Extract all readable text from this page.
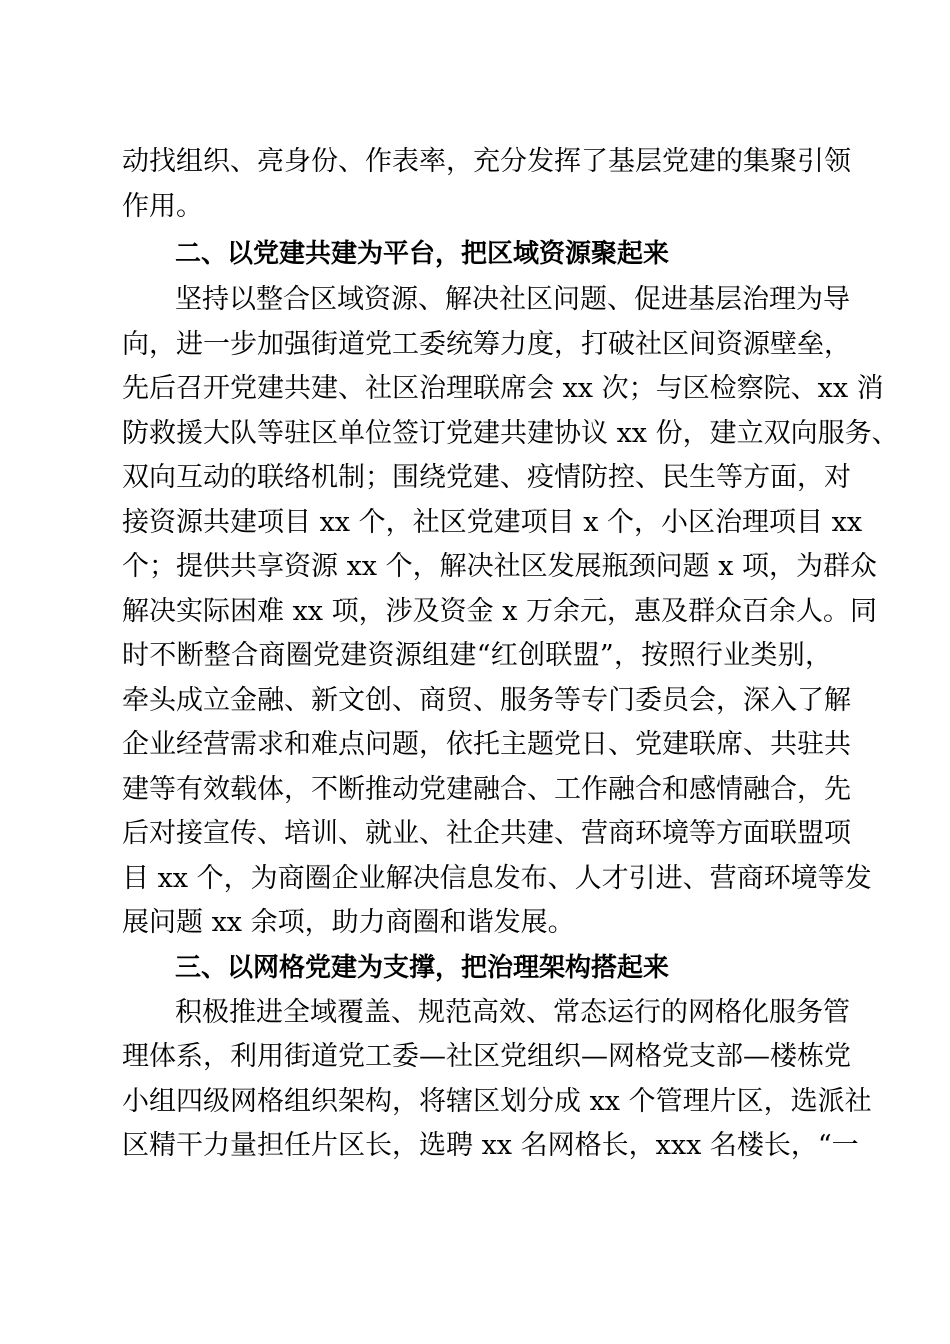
动找组织、亮身份、作表率，充分发挥了基层党建的集聚引领
作用。
二、以党建共建为平台，把区域资源聚起来
坚持以整合区域资源、解决社区问题、促进基层治理为导
向，进一步加强街道党工委统筹力度，打破社区间资源壁垒，
先后召开党建共建、社区治理联席会 xx 次；与区检察院、xx 消
防救援大队等驻区单位签订党建共建协议 xx 份，建立双向服务、
双向互动的联络机制；围绕党建、疫情防控、民生等方面，对
接资源共建项目 xx 个，社区党建项目 x 个，小区治理项目 xx
个；提供共享资源 xx 个，解决社区发展瓶颈问题 x 项，为群众
解决实际困难 xx 项，涉及资金 x 万余元，惠及群众百余人。同
时不断整合商圈党建资源组建“红创联盟”，按照行业类别，
牵头成立金融、新文创、商贸、服务等专门委员会，深入了解
企业经营需求和难点问题，依托主题党日、党建联席、共驻共
建等有效载体，不断推动党建融合、工作融合和感情融合，先
后对接宣传、培训、就业、社企共建、营商环境等方面联盟项
目 xx 个，为商圈企业解决信息发布、人才引进、营商环境等发
展问题 xx 余项，助力商圈和谐发展。
三、以网格党建为支撑，把治理架构搭起来
积极推进全域覆盖、规范高效、常态运行的网格化服务管
理体系，利用街道党工委—社区党组织—网格党支部—楼栋党
小组四级网格组织架构，将辖区划分成 xx 个管理片区，选派社
区精干力量担任片区长，选聘 xx 名网格长，xxx 名楼长，“一
